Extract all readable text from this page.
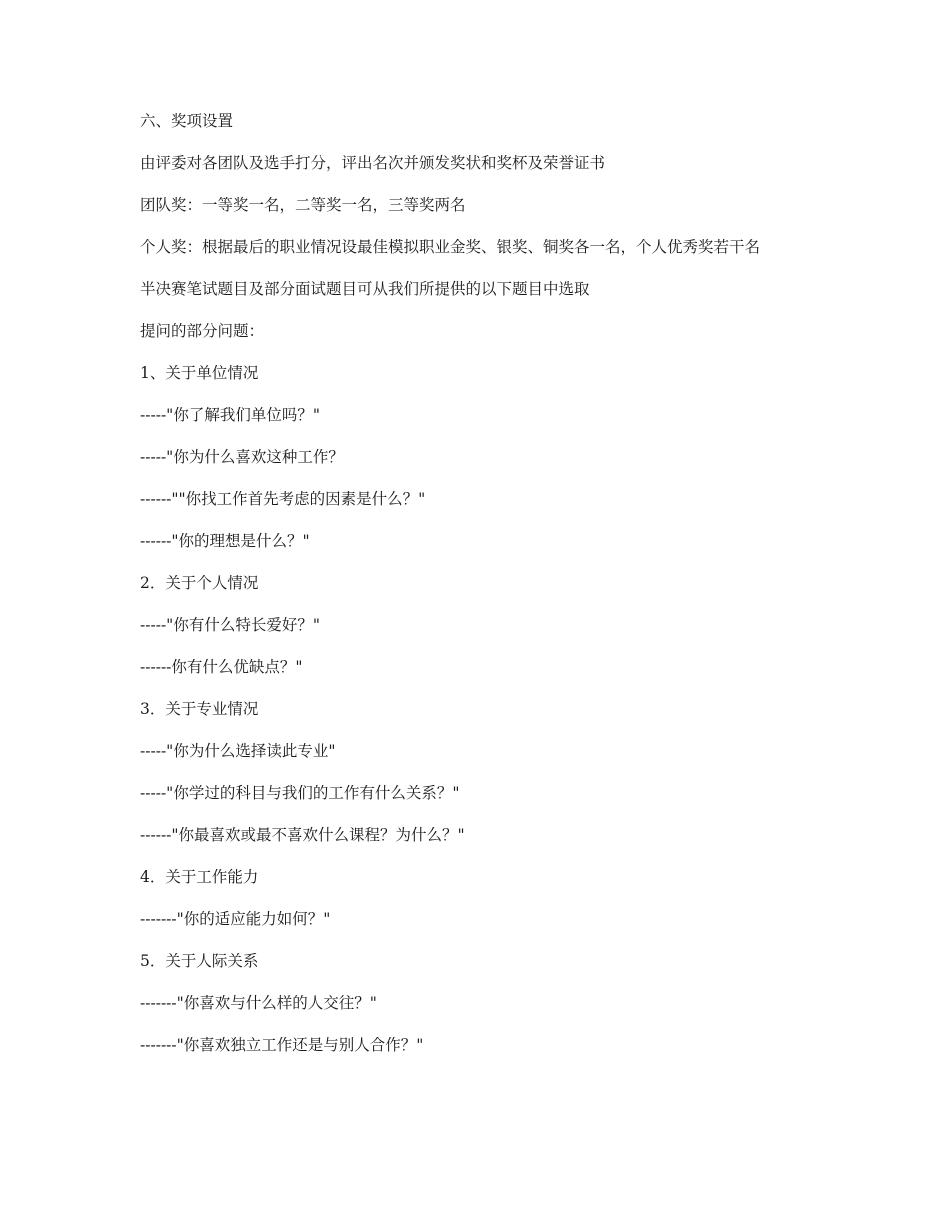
六、奖项设置

由评委对各团队及选手打分，评出名次并颁发奖状和奖杯及荣誉证书

团队奖：一等奖一名，二等奖一名，三等奖两名

个人奖：根据最后的职业情况设最佳模拟职业金奖、银奖、铜奖各一名，个人优秀奖若干名

半决赛笔试题目及部分面试题目可从我们所提供的以下题目中选取

提问的部分问题：

1、关于单位情况

-----"你了解我们单位吗？"

-----"你为什么喜欢这种工作？

------""你找工作首先考虑的因素是什么？"

------"你的理想是什么？"

2．关于个人情况

-----"你有什么特长爱好？"

------你有什么优缺点？"

3．关于专业情况

-----"你为什么选择读此专业"

-----"你学过的科目与我们的工作有什么关系？"

------"你最喜欢或最不喜欢什么课程？为什么？"

4．关于工作能力

-------"你的适应能力如何？"

5．关于人际关系

-------"你喜欢与什么样的人交往？"

-------"你喜欢独立工作还是与别人合作？"
